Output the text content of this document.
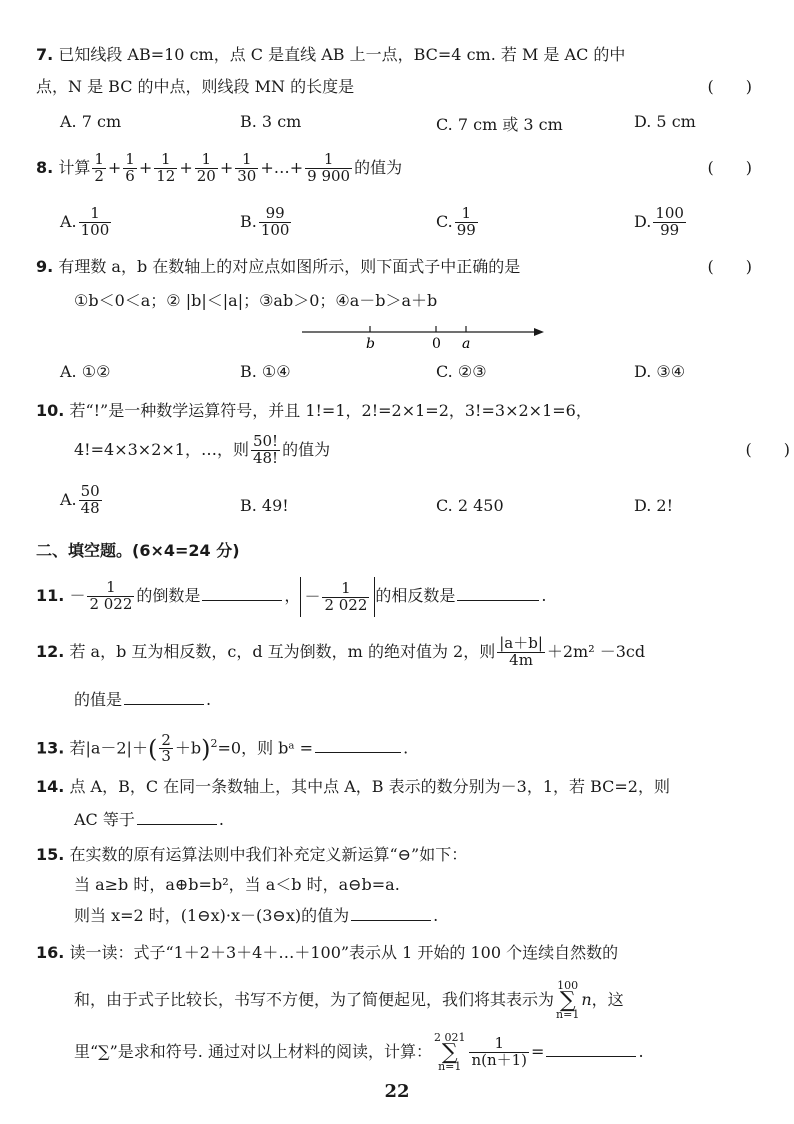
7. 已知线段 AB=10 cm，点 C 是直线 AB 上一点，BC=4 cm. 若 M 是 AC 的中
点，N 是 BC 的中点，则线段 MN 的长度是	(　　)
A. 7 cm	B. 3 cm	C. 7 cm 或 3 cm	D. 5 cm
8. 计算 $\frac{1}{2} + \frac{1}{6} + \frac{1}{12} + \frac{1}{20} + \frac{1}{30}$ +…+ $\frac{1}{9 900}$ 的值为	(　　)
A. $\frac{1}{100}$	B. $\frac{99}{100}$	C. $\frac{1}{99}$	D. $\frac{100}{99}$
9. 有理数 a，b 在数轴上的对应点如图所示，则下面式子中正确的是	(　　)
①b＜0＜a；② |b|＜|a|；③ab＞0；④a－b＞a＋b
b	0 a
A. ①②	B. ①④	C. ②③	D. ③④
10. 若“!”是一种数学运算符号，并且 1!=1，2!=2×1=2，3!=3×2×1=6，
4!=4×3×2×1，…，则 $\frac{50!}{48!}$ 的值为	(　　)
A. $\frac{50}{48}$	B. 49!	C. 2 450	D. 2!
二、填空题。(6×4=24 分)
11. － $\frac{1}{2 022}$ 的倒数是	， － $\frac{1}{2 022}$ 的相反数是	.
12. 若 a，b 互为相反数，c，d 互为倒数，m 的绝对值为 2，则 $\frac{|a+b|}{4m} +2m^2 -3cd$
的值是	.
13. 若$|a-2|+( \frac{2}{3} +b)^2=0$，则 bᵃ =	.
14. 点 A，B，C 在同一条数轴上，其中点 A，B 表示的数分别为－3，1，若 BC=2，则
AC 等于	.
15. 在实数的原有运算法则中我们补充定义新运算“⊖”如下：
当 a≥b 时，a⊕b=b²，当 a＜b 时，a⊖b=a.
则当 x=2 时，(1⊖x)·x－(3⊖x)的值为	.
16. 读一读：式子“1＋2＋3＋4＋…＋100”表示从 1 开始的 100 个连续自然数的
和，由于式子比较长，书写不方便，为了简便起见，我们将其表示为100
∑
n=1n，这
里“∑”是求和符号. 通过对以上材料的阅读，计算：2 021
∑
$n=1 \frac{1}{n(n+1)}$ =	.
22
